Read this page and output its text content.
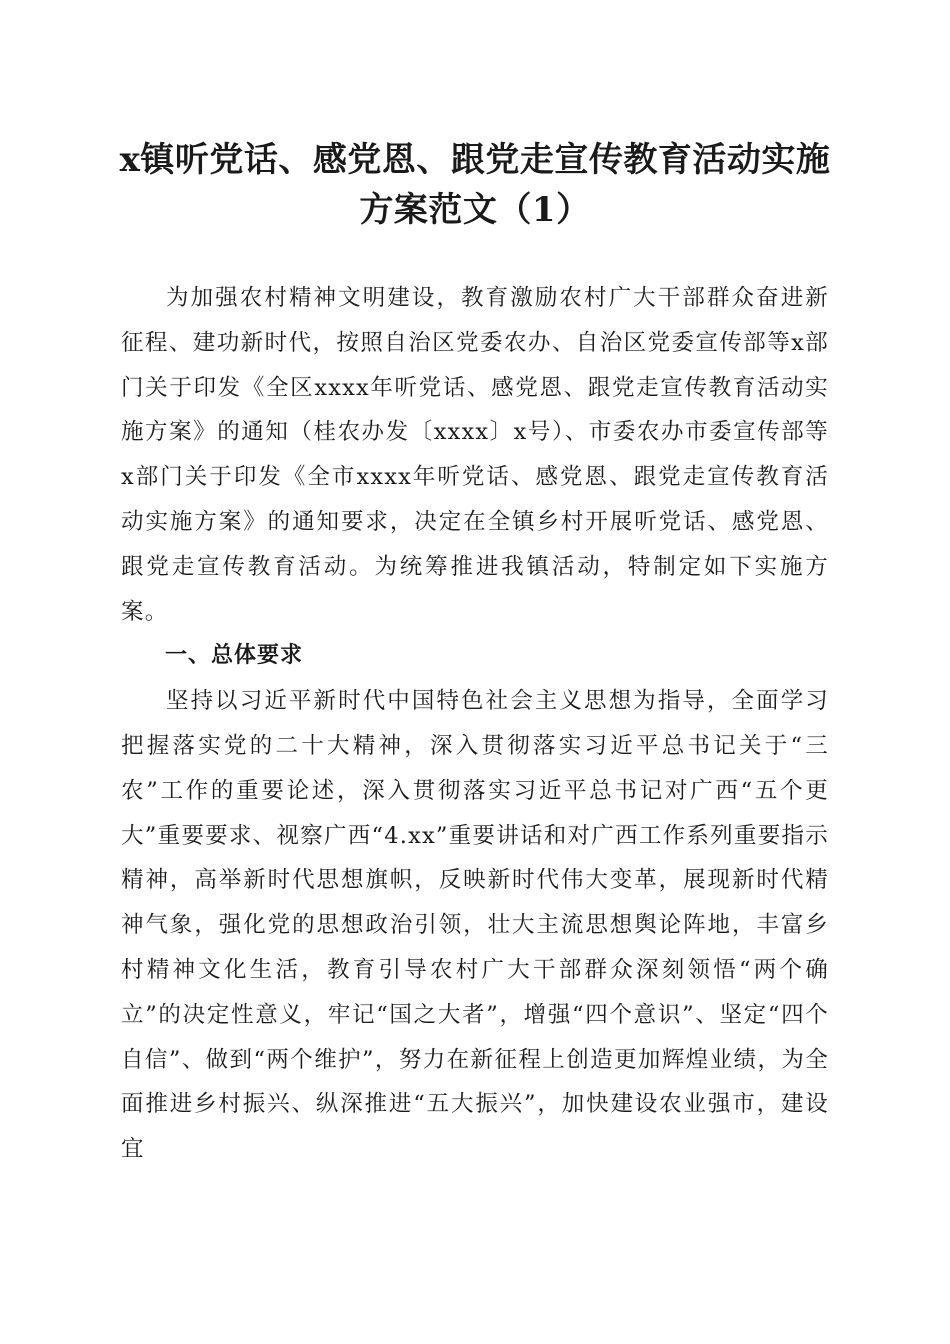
x镇听党话、感党恩、跟党走宣传教育活动实施方案范文（1）

为加强农村精神文明建设，教育激励农村广大干部群众奋进新征程、建功新时代，按照自治区党委农办、自治区党委宣传部等x部门关于印发《全区xxxx年听党话、感党恩、跟党走宣传教育活动实施方案》的通知（桂农办发〔xxxx〕x号）、市委农办市委宣传部等x部门关于印发《全市xxxx年听党话、感党恩、跟党走宣传教育活动实施方案》的通知要求，决定在全镇乡村开展听党话、感党恩、跟党走宣传教育活动。为统筹推进我镇活动，特制定如下实施方案。

一、总体要求

坚持以习近平新时代中国特色社会主义思想为指导，全面学习把握落实党的二十大精神，深入贯彻落实习近平总书记关于“三农”工作的重要论述，深入贯彻落实习近平总书记对广西“五个更大”重要要求、视察广西“4.xx”重要讲话和对广西工作系列重要指示精神，高举新时代思想旗帜，反映新时代伟大变革，展现新时代精神气象，强化党的思想政治引领，壮大主流思想舆论阵地，丰富乡村精神文化生活，教育引导农村广大干部群众深刻领悟“两个确立”的决定性意义，牢记“国之大者”，增强“四个意识”、坚定“四个自信”、做到“两个维护”，努力在新征程上创造更加辉煌业绩，为全面推进乡村振兴、纵深推进“五大振兴”，加快建设农业强市，建设宜
